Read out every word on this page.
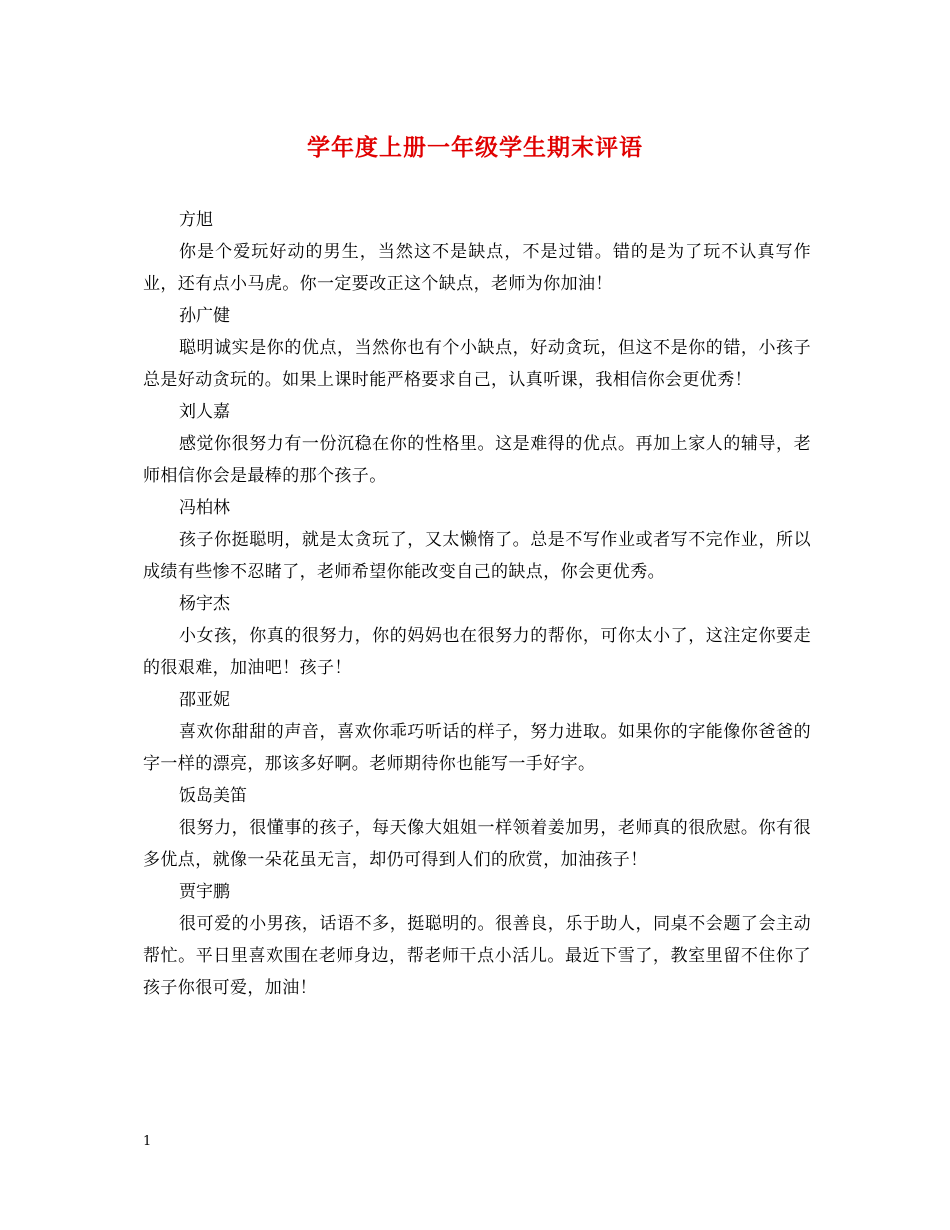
学年度上册一年级学生期末评语

方旭

你是个爱玩好动的男生，当然这不是缺点，不是过错。错的是为了玩不认真写作业，还有点小马虎。你一定要改正这个缺点，老师为你加油！

孙广健

聪明诚实是你的优点，当然你也有个小缺点，好动贪玩，但这不是你的错，小孩子总是好动贪玩的。如果上课时能严格要求自己，认真听课，我相信你会更优秀！

刘人嘉

感觉你很努力有一份沉稳在你的性格里。这是难得的优点。再加上家人的辅导，老师相信你会是最棒的那个孩子。

冯柏林

孩子你挺聪明，就是太贪玩了，又太懒惰了。总是不写作业或者写不完作业，所以成绩有些惨不忍睹了，老师希望你能改变自己的缺点，你会更优秀。

杨宇杰

小女孩，你真的很努力，你的妈妈也在很努力的帮你，可你太小了，这注定你要走的很艰难，加油吧！孩子！

邵亚妮

喜欢你甜甜的声音，喜欢你乖巧听话的样子，努力进取。如果你的字能像你爸爸的字一样的漂亮，那该多好啊。老师期待你也能写一手好字。

饭岛美笛

很努力，很懂事的孩子，每天像大姐姐一样领着姜加男，老师真的很欣慰。你有很多优点，就像一朵花虽无言，却仍可得到人们的欣赏，加油孩子！

贾宇鹏

很可爱的小男孩，话语不多，挺聪明的。很善良，乐于助人，同桌不会题了会主动帮忙。平日里喜欢围在老师身边，帮老师干点小活儿。最近下雪了，教室里留不住你了孩子你很可爱，加油！

1
